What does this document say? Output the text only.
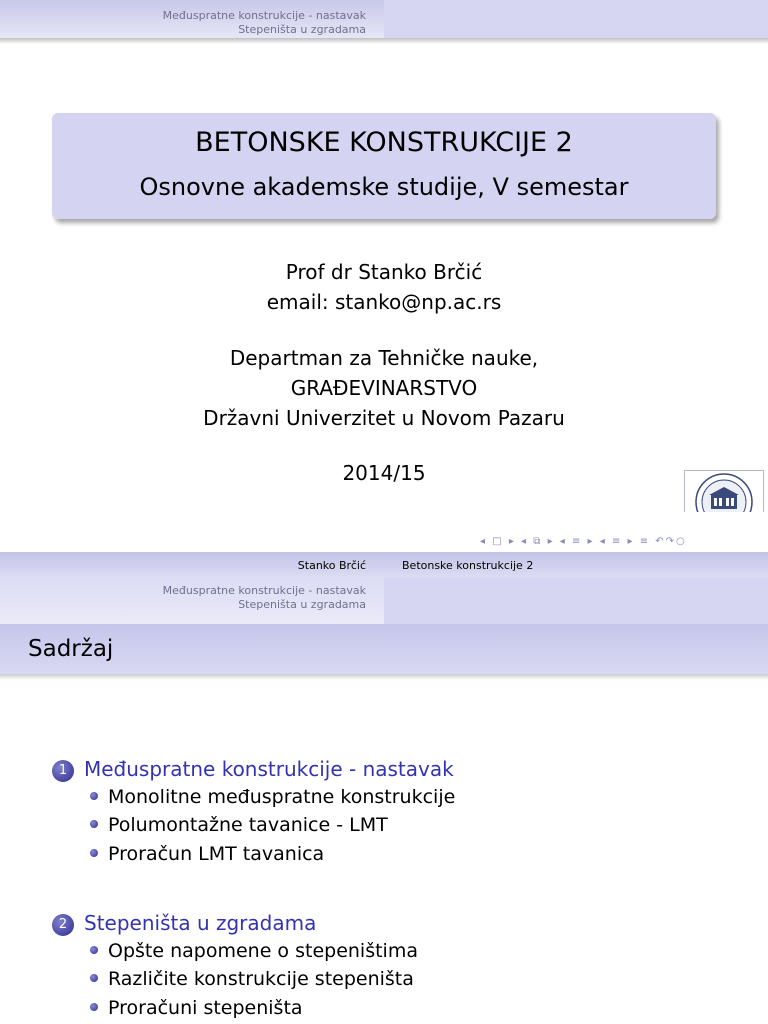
Međuspratne konstrukcije - nastavak
Stepeništa u zgradama
BETONSKE KONSTRUKCIJE 2
Osnovne akademske studije, V semestar
Prof dr Stanko Brčić
email: stanko@np.ac.rs
Departman za Tehničke nauke,
GRAĐEVINARSTVO
Državni Univerzitet u Novom Pazaru
2014/15
◂ □ ▸ ◂ ⧉ ▸ ◂ ≡ ▸ ◂ ≡ ▸ ≡ ↶↷○
Stanko Brčić	Betonske konstrukcije 2
Međuspratne konstrukcije - nastavak
Stepeništa u zgradama
Sadržaj
1 Međuspratne konstrukcije - nastavak
Monolitne međuspratne konstrukcije
Polumontažne tavanice - LMT
Proračun LMT tavanica
2 Stepeništa u zgradama
Opšte napomene o stepeništima
Različite konstrukcije stepeništa
Proračuni stepeništa
